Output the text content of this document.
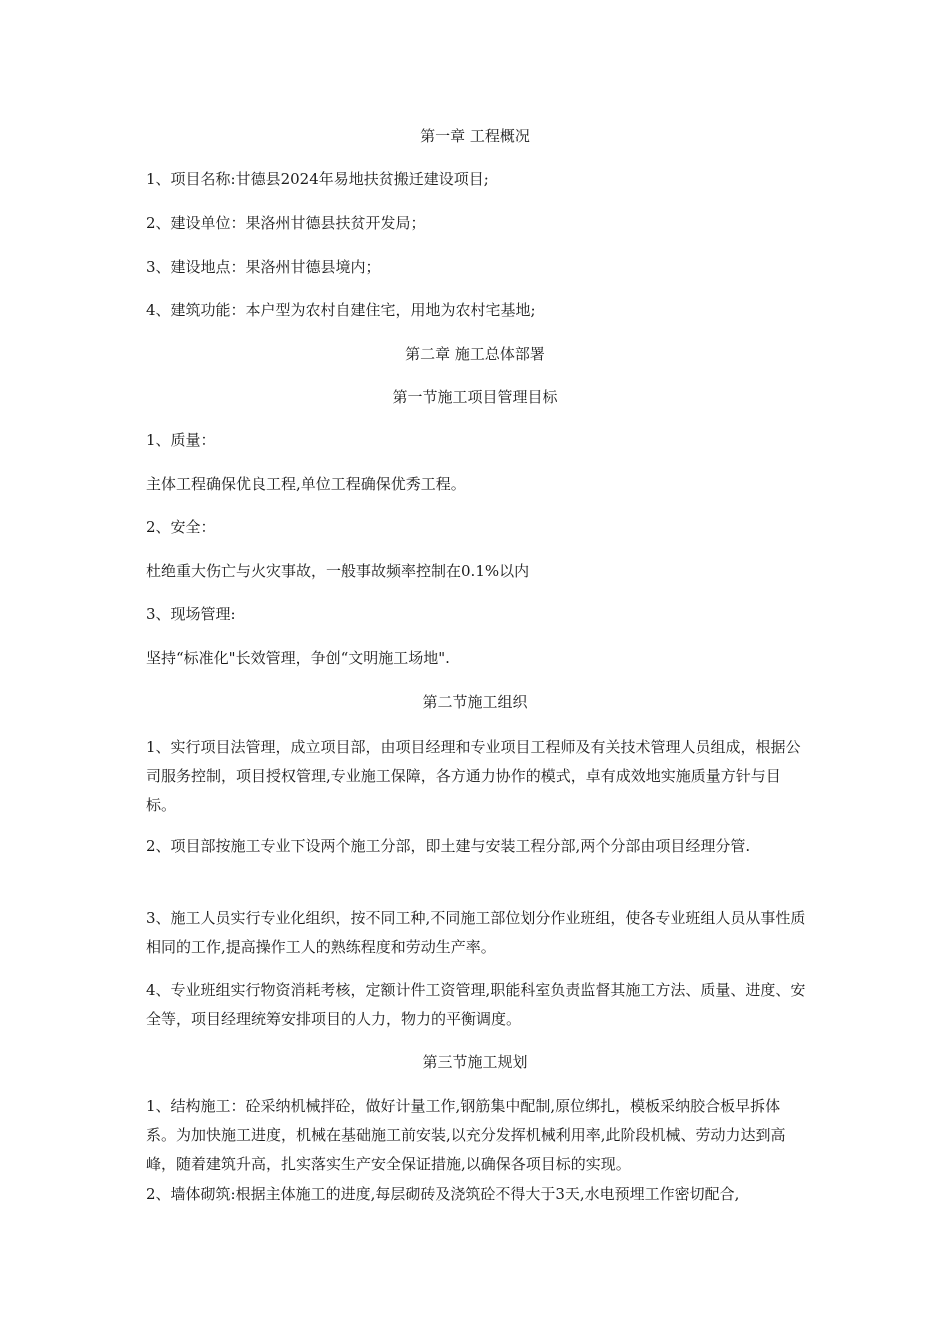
第一章 工程概况
1、项目名称:甘德县2024年易地扶贫搬迁建设项目;
2、建设单位：果洛州甘德县扶贫开发局；
3、建设地点：果洛州甘德县境内；
4、建筑功能：本户型为农村自建住宅，用地为农村宅基地;
第二章 施工总体部署
第一节施工项目管理目标
1、质量：
主体工程确保优良工程,单位工程确保优秀工程。
2、安全：
杜绝重大伤亡与火灾事故，一般事故频率控制在0.1%以内
3、现场管理:
坚持“标准化"长效管理，争创“文明施工场地".
第二节施工组织
1、实行项目法管理，成立项目部，由项目经理和专业项目工程师及有关技术管理人员组成，根据公司服务控制，项目授权管理,专业施工保障，各方通力协作的模式，卓有成效地实施质量方针与目标。
2、项目部按施工专业下设两个施工分部，即土建与安装工程分部,两个分部由项目经理分管.
3、施工人员实行专业化组织，按不同工种,不同施工部位划分作业班组，使各专业班组人员从事性质相同的工作,提高操作工人的熟练程度和劳动生产率。
4、专业班组实行物资消耗考核，定额计件工资管理,职能科室负责监督其施工方法、质量、进度、安全等，项目经理统筹安排项目的人力，物力的平衡调度。
第三节施工规划
1、结构施工：砼采纳机械拌砼，做好计量工作,钢筋集中配制,原位绑扎，模板采纳胶合板早拆体系。为加快施工进度，机械在基础施工前安装,以充分发挥机械利用率,此阶段机械、劳动力达到高峰，随着建筑升高，扎实落实生产安全保证措施,以确保各项目标的实现。
2、墙体砌筑:根据主体施工的进度,每层砌砖及浇筑砼不得大于3天,水电预埋工作密切配合,
